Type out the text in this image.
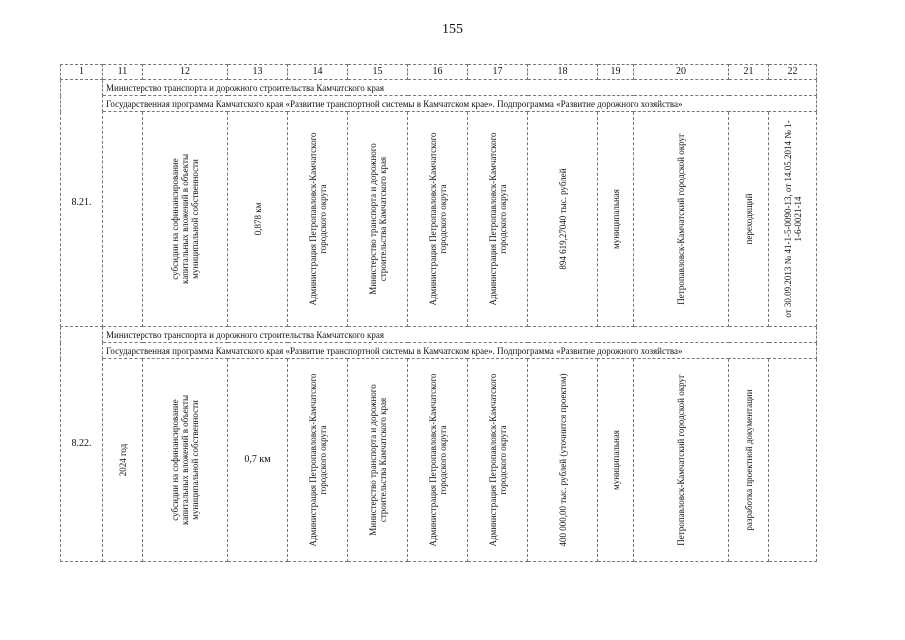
155
1	11	12	13	14	15	16	17	18	19	20	21	22
8.21.	Министерство транспорта и дорожного строительства Камчатского края											
	Государственная программа Камчатского края «Развитие транспортной системы в Камчатском крае». Подпрограмма «Развитие дорожного хозяйства»											

		субсидии на софинансирование капитальных вложений в объекты муниципальной собственности	0,878 км	Администрация Петропавловск-Камчатского городского округа	Министерство транспорта и дорожного строительства Камчатского края	Администрация Петропавловск-Камчатского городского округа	Администрация Петропавловск-Камчатского городского округа	894 619,27040 тыс. рублей	муниципальная	Петропавловск-Камчатский городской округ	переходящий	от 30.09.2013 № 41-1-5-0090-13, от 14.05.2014 № 1-1-6-0021-14

8.22.	Министерство транспорта и дорожного строительства Камчатского края											
	Государственная программа Камчатского края «Развитие транспортной системы в Камчатском крае». Подпрограмма «Развитие дорожного хозяйства»											

	2024 год	субсидии на софинансирование капитальных вложений в объекты муниципальной собственности	0,7 км	Администрация Петропавловск-Камчатского городского округа	Министерство транспорта и дорожного строительства Камчатского края	Администрация Петропавловск-Камчатского городского округа	Администрация Петропавловск-Камчатского городского округа	400 000,00 тыс. рублей (уточнится проектом)	муниципальная	Петропавловск-Камчатский городской округ	разработка проектной документации	
